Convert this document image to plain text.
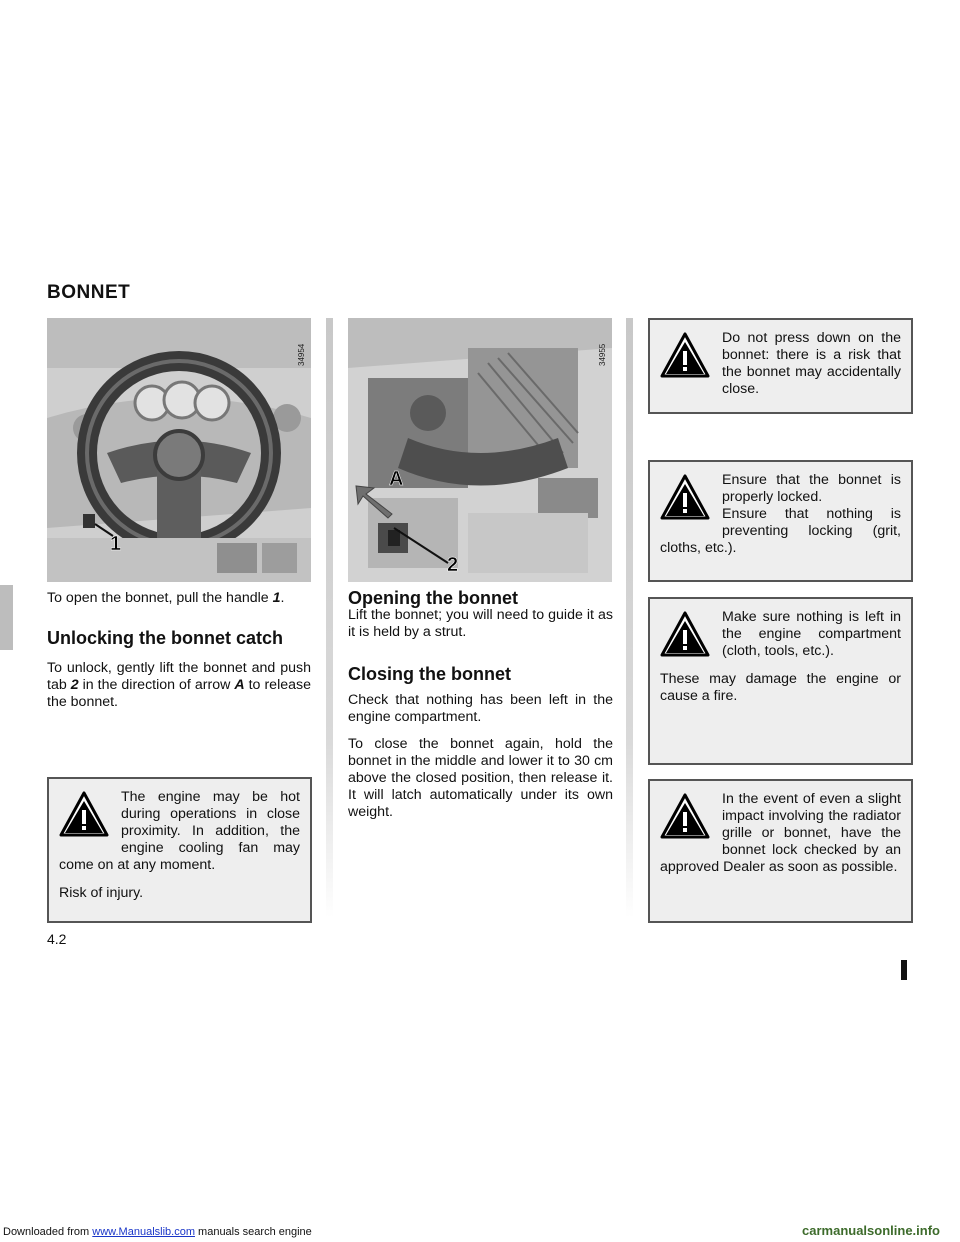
BONNET
34954
1
34955
A
2
To open the bonnet, pull the handle 1.
Unlocking the bonnet catch

To unlock, gently lift the bonnet and push tab 2 in the direction of arrow A to release the bonnet.

The engine may be hot during operations in close proximity. In addition, the engine cooling fan may come on at any moment.

Risk of injury.

Opening the bonnet

Lift the bonnet; you will need to guide it as it is held by a strut.

Closing the bonnet

Check that nothing has been left in the engine compartment.

To close the bonnet again, hold the bonnet in the middle and lower it to 30 cm above the closed position, then release it. It will latch automatically under its own weight.

Do not press down on the bonnet: there is a risk that the bonnet may accidentally close.

Ensure that the bonnet is properly locked.

Ensure that nothing is preventing locking (grit, cloths, etc.).

Make sure nothing is left in the engine compartment (cloth, tools, etc.).

These may damage the engine or cause a fire.

In the event of even a slight impact involving the radiator grille or bonnet, have the bonnet lock checked by an approved Dealer as soon as possible.

4.2
Downloaded from www.Manualslib.com manuals search engine	carmanualsonline.info
